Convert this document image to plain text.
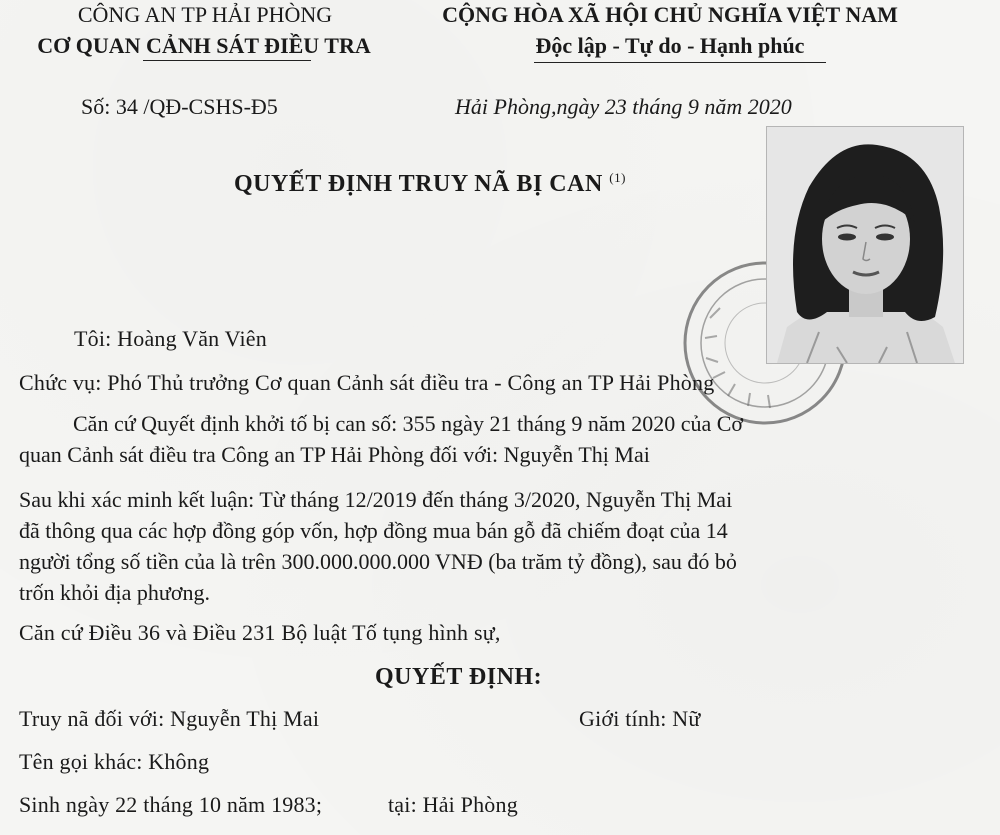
CÔNG AN TP HẢI PHÒNG
CƠ QUAN CẢNH SÁT ĐIỀU TRA
Số: 34 /QĐ-CSHS-Đ5
CỘNG HÒA XÃ HỘI CHỦ NGHĨA VIỆT NAM
Độc lập - Tự do - Hạnh phúc
Hải Phòng,ngày 23 tháng 9 năm 2020
QUYẾT ĐỊNH TRUY NÃ BỊ CAN $^{(1)}$
Tôi: Hoàng Văn Viên
Chức vụ: Phó Thủ trưởng Cơ quan Cảnh sát điều tra - Công an TP Hải Phòng
Căn cứ Quyết định khởi tố bị can số: 355 ngày 21 tháng 9 năm 2020 của Cơ
quan Cảnh sát điều tra Công an TP Hải Phòng đối với: Nguyễn Thị Mai
Sau khi xác minh kết luận: Từ tháng 12/2019 đến tháng 3/2020, Nguyễn Thị Mai
đã thông qua các hợp đồng góp vốn, hợp đồng mua bán gỗ đã chiếm đoạt của 14
người tổng số tiền của là trên 300.000.000.000 VNĐ (ba trăm tỷ đồng), sau đó bỏ
trốn khỏi địa phương.
Căn cứ Điều 36 và Điều 231 Bộ luật Tố tụng hình sự,
QUYẾT ĐỊNH:
Truy nã đối với: Nguyễn Thị Mai	Giới tính: Nữ
Tên gọi khác: Không
Sinh ngày 22 tháng 10 năm 1983;	tại: Hải Phòng
